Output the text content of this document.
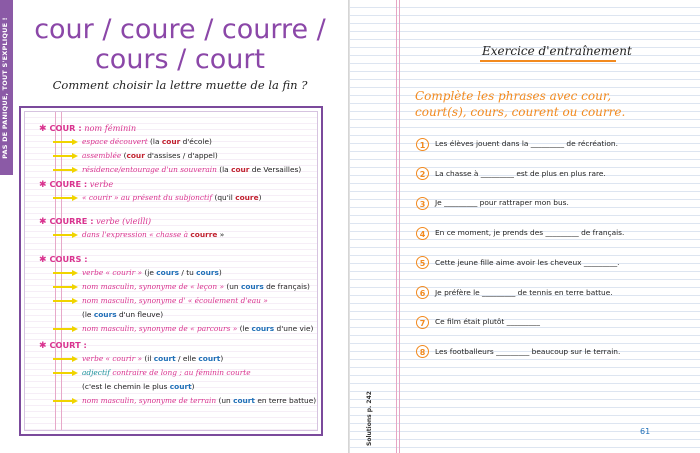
PAS DE PANIQUE, TOUT S'EXPLIQUE ! cour / coure / courre /
cours / court
Comment choisir la lettre muette de la fin ?
✱ COUR : nom féminin
espace découvert (la cour d'école)
assemblée (cour d'assises / d'appel)
résidence/entourage d'un souverain (la cour de Versailles)
✱ COURE : verbe
« courir » au présent du subjonctif (qu'il coure)
✱ COURRE : verbe (vieilli)
dans l'expression « chasse à courre »
✱ COURS :
verbe « courir » (je cours / tu cours)
nom masculin, synonyme de « leçon » (un cours de français)
nom masculin, synonyme d' « écoulement d'eau »
(le cours d'un fleuve)
nom masculin, synonyme de « parcours » (le cours d'une vie)
✱ COURT :
verbe « courir » (il court / elle court)
adjectif contraire de long ; au féminin courte
(c'est le chemin le plus court)
nom masculin, synonyme de terrain (un court en terre battue)
Exercice d'entraînement
Complète les phrases avec cour, court(s), cours, courent ou courre.
1 Les élèves jouent dans la _________ de récréation.
2 La chasse à _________ est de plus en plus rare.
3 Je _________ pour rattraper mon bus.
4 En ce moment, je prends des _________ de français.
5 Cette jeune fille aime avoir les cheveux _________.
6 Je préfère le _________ de tennis en terre battue.
7 Ce film était plutôt _________
8 Les footballeurs _________ beaucoup sur le terrain.
Solutions p. 242	61
